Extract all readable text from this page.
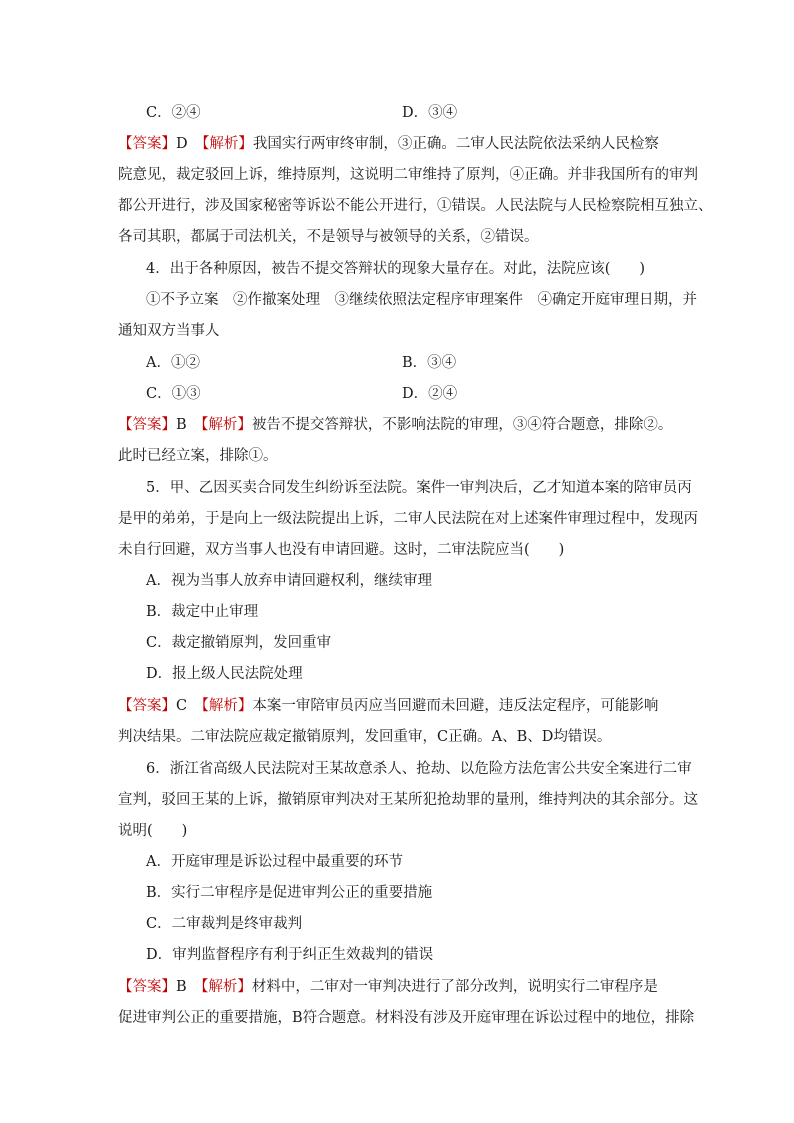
C．②④	D．③④
【答案】D　 【解析】我国实行两审终审制，③正确。二审人民法院依法采纳人民检察
院意见，裁定驳回上诉，维持原判，这说明二审维持了原判，④正确。并非我国所有的审判
都公开进行，涉及国家秘密等诉讼不能公开进行，①错误。人民法院与人民检察院相互独立、
各司其职，都属于司法机关，不是领导与被领导的关系，②错误。
4．出于各种原因，被告不提交答辩状的现象大量存在。对此，法院应该(　　)
①不予立案　②作撤案处理　③继续依照法定程序审理案件　④确定开庭审理日期，并
通知双方当事人
A．①②	B．③④
C．①③	D．②④
【答案】B　 【解析】被告不提交答辩状，不影响法院的审理，③④符合题意，排除②。
此时已经立案，排除①。
5．甲、乙因买卖合同发生纠纷诉至法院。案件一审判决后，乙才知道本案的陪审员丙
是甲的弟弟，于是向上一级法院提出上诉，二审人民法院在对上述案件审理过程中，发现丙
未自行回避，双方当事人也没有申请回避。这时，二审法院应当(　　)
A．视为当事人放弃申请回避权利，继续审理
B．裁定中止审理
C．裁定撤销原判，发回重审
D．报上级人民法院处理
【答案】C　 【解析】本案一审陪审员丙应当回避而未回避，违反法定程序，可能影响
判决结果。二审法院应裁定撤销原判，发回重审，C正确。A、B、D均错误。
6．浙江省高级人民法院对王某故意杀人、抢劫、以危险方法危害公共安全案进行二审
宣判，驳回王某的上诉，撤销原审判决对王某所犯抢劫罪的量刑，维持判决的其余部分。这
说明(　　)
A．开庭审理是诉讼过程中最重要的环节
B．实行二审程序是促进审判公正的重要措施
C．二审裁判是终审裁判
D．审判监督程序有利于纠正生效裁判的错误
【答案】B　 【解析】材料中，二审对一审判决进行了部分改判，说明实行二审程序是
促进审判公正的重要措施，B符合题意。材料没有涉及开庭审理在诉讼过程中的地位，排除
